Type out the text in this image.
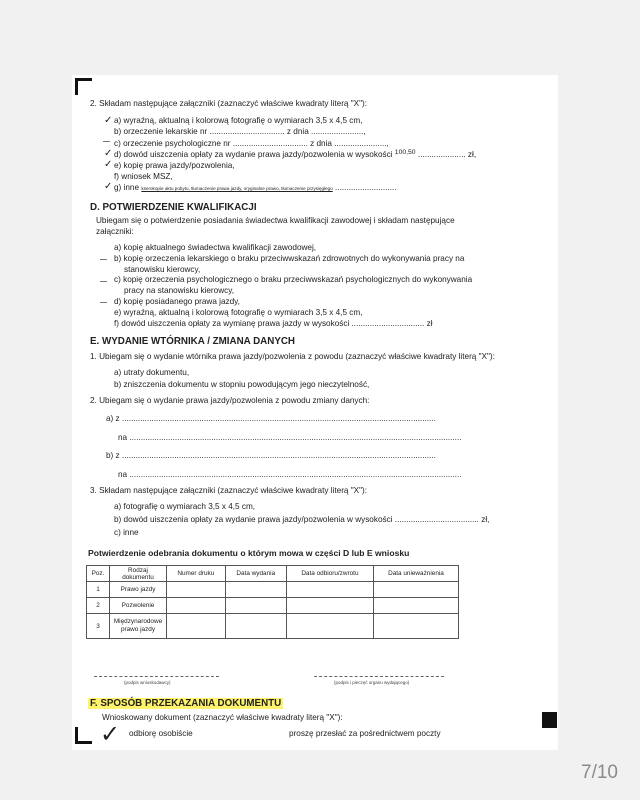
2. Składam następujące załączniki (zaznaczyć właściwe kwadraty literą "X"):
✓ a) wyraźną, aktualną i kolorową fotografię o wymiarach 3,5 x 4,5 cm,
b) orzeczenie lekarskie nr ................................. z dnia .......................,
c) orzeczenie psychologiczne nr ................................. z dnia .......................,
✓ d) dowód uiszczenia opłaty za wydanie prawa jazdy/pozwolenia w wysokości $^{100,50}$ ..................... zł,
✓ e) kopię prawa jazdy/pozwolenia,
f) wniosek MSZ,
✓ g) inne kserokopie aktu pobytu, tłumaczenie prawa jazdy, oryginalne prawo, tłumaczenie przysięgłego ...........................
D. POTWIERDZENIE KWALIFIKACJI
Ubiegam się o potwierdzenie posiadania świadectwa kwalifikacji zawodowej i składam następujące
załączniki:
a) kopię aktualnego świadectwa kwalifikacji zawodowej,
b) kopię orzeczenia lekarskiego o braku przeciwwskazań zdrowotnych do wykonywania pracy na
stanowisku kierowcy,
c) kopię orzeczenia psychologicznego o braku przeciwwskazań psychologicznych do wykonywania
pracy na stanowisku kierowcy,
d) kopię posiadanego prawa jazdy,
e) wyraźną, aktualną i kolorową fotografię o wymiarach 3,5 x 4,5 cm,
f) dowód uiszczenia opłaty za wymianę prawa jazdy w wysokości ................................ zł
E. WYDANIE WTÓRNIKA / ZMIANA DANYCH
1. Ubiegam się o wydanie wtórnika prawa jazdy/pozwolenia z powodu (zaznaczyć właściwe kwadraty literą "X"):
a) utraty dokumentu,
b) zniszczenia dokumentu w stopniu powodującym jego nieczytelność,
2. Ubiegam się o wydanie prawa jazdy/pozwolenia z powodu zmiany danych:
a) z ..........................................................................................................................................
na ..................................................................................................................................................
b) z ..........................................................................................................................................
na ..................................................................................................................................................
3. Składam następujące załączniki (zaznaczyć właściwe kwadraty literą "X"):
a) fotografię o wymiarach 3,5 x 4,5 cm,
b) dowód uiszczenia opłaty za wydanie prawa jazdy/pozwolenia w wysokości ..................................... zł,
c) inne
Potwierdzenie odebrania dokumentu o którym mowa w części D lub E wniosku
Poz.	Rodzaj dokumentu	Numer druku	Data wydania	Data odbioru/zwrotu	Data unieważnienia
1	Prawo jazdy				
2	Pozwolenie				
3	Międzynarodowe prawo jazdy				
(podpis wnioskodawcy)	(podpis i pieczęć organu wydającego)
F. SPOSÓB PRZEKAZANIA DOKUMENTU
Wnioskowany dokument (zaznaczyć właściwe kwadraty literą "X"):
✓ odbiorę osobiście	proszę przesłać za pośrednictwem poczty
7/10
